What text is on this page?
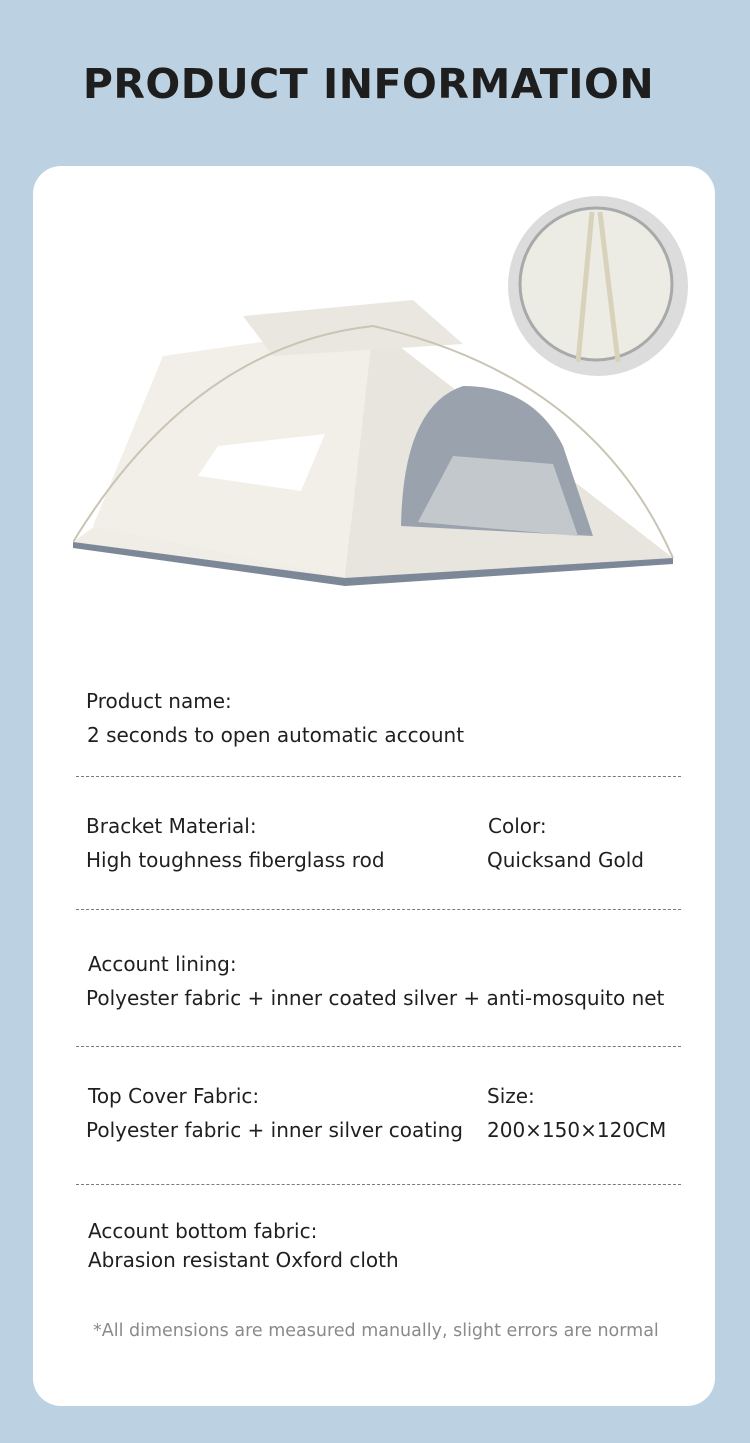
PRODUCT INFORMATION
Product name:
2 seconds to open automatic account
Bracket Material:
High toughness fiberglass rod
Color:
Quicksand Gold
Account lining:
Polyester fabric + inner coated silver + anti-mosquito net
Top Cover Fabric:
Polyester fabric + inner silver coating
Size:
200×150×120CM
Account bottom fabric:
Abrasion resistant Oxford cloth
*All dimensions are measured manually, slight errors are normal
